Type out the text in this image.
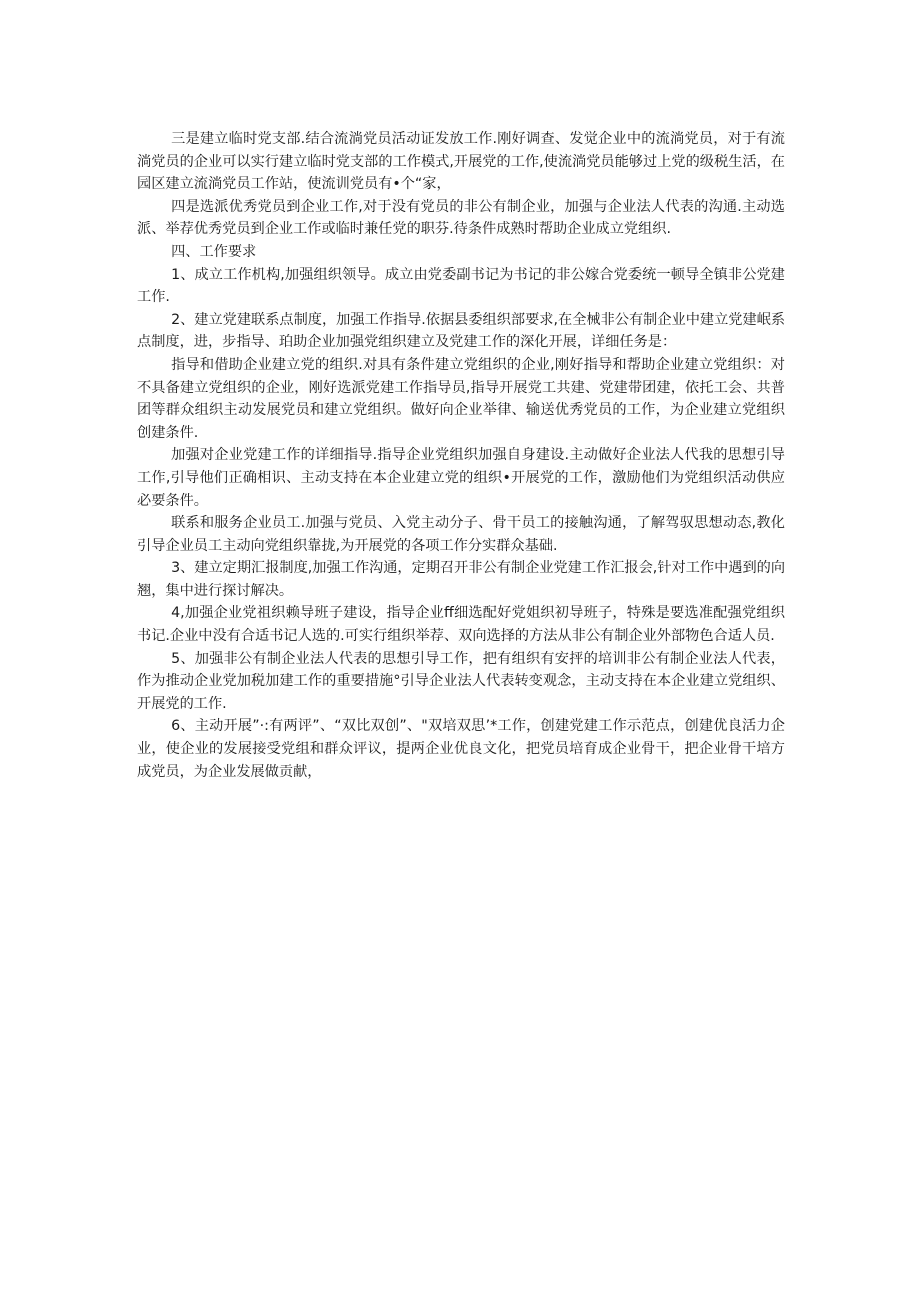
三是建立临时党支部.结合流淌党员活动证发放工作.刚好调查、发觉企业中的流淌党员，对于有流淌党员的企业可以实行建立临时党支部的工作模式,开展党的工作,使流淌党员能够过上党的级税生活，在园区建立流淌党员工作站，使流训党员有•个“家，

四是选派优秀党员到企业工作,对于没有党员的非公有制企业，加强与企业法人代表的沟通.主动选派、举荐优秀党员到企业工作或临时兼任党的职芬.待条件成熟时帮助企业成立党组织.

四、工作要求

1、成立工作机构,加强组织领导。成立由党委副书记为书记的非公嫁合党委统一顿导全镇非公党建工作.

2、建立党建联系点制度，加强工作指导.依据县委组织部要求,在全械非公有制企业中建立党建岷系点制度，进，步指导、珀助企业加强党组织建立及党建工作的深化开展，详细任务是：

指导和借助企业建立党的组织.对具有条件建立党组织的企业,刚好指导和帮助企业建立党组织：对不具备建立党组织的企业，刚好选派党建工作指导员,指导开展党工共建、党建带团建，依托工会、共普团等群众组织主动发展党员和建立党组织。做好向企业举律、输送优秀党员的工作，为企业建立党组织创建条件.

加强对企业党建工作的详细指导.指导企业党组织加强自身建设.主动做好企业法人代我的思想引导工作,引导他们正确相识、主动支持在本企业建立党的组织•开展党的工作，激励他们为党组织活动供应必要条件。

联系和服务企业员工.加强与党员、入党主动分子、骨干员工的接触沟通，了解驾驭思想动态,教化引导企业员工主动向党组织靠拢,为开展党的各项工作分实群众基础.

3、建立定期汇报制度,加强工作沟通，定期召开非公有制企业党建工作汇报会,针对工作中遇到的向翘，集中进行探讨解决。

4,加强企业党祖织赖导班子建设，指导企业ff细选配好党姐织初导班子，特殊是要选准配强党组织书记.企业中没有合适书记人选的.可实行组织举荐、双向选择的方法从非公有制企业外部物色合适人员.

5、加强非公有制企业法人代表的思想引导工作，把有组织有安抨的培训非公有制企业法人代表，作为推动企业党加税加建工作的重要措施°引导企业法人代表转变观念，主动支持在本企业建立党组织、开展党的工作.

6、主动开展”·:有两评”、“双比双创”、"双培双思’*工作，创建党建工作示范点，创建优良活力企业，使企业的发展接受党组和群众评议，提两企业优良文化，把党员培育成企业骨干，把企业骨干培方成党员，为企业发展做贡献，
